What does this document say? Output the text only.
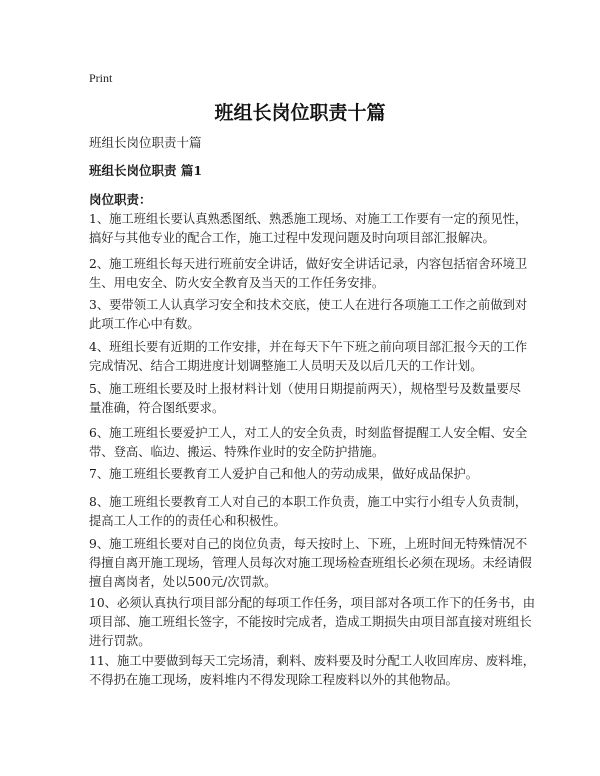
Print
班组长岗位职责十篇
班组长岗位职责十篇
班组长岗位职责 篇1
岗位职责：

1、施工班组长要认真熟悉图纸、熟悉施工现场、对施工工作要有一定的预见性，
搞好与其他专业的配合工作，施工过程中发现问题及时向项目部汇报解决。

2、施工班组长每天进行班前安全讲话，做好安全讲话记录，内容包括宿舍环境卫
生、用电安全、防火安全教育及当天的工作任务安排。

3、要带领工人认真学习安全和技术交底，使工人在进行各项施工工作之前做到对
此项工作心中有数。

4、班组长要有近期的工作安排，并在每天下午下班之前向项目部汇报今天的工作
完成情况、结合工期进度计划调整施工人员明天及以后几天的工作计划。

5、施工班组长要及时上报材料计划（使用日期提前两天），规格型号及数量要尽
量准确，符合图纸要求。

6、施工班组长要爱护工人，对工人的安全负责，时刻监督提醒工人安全帽、安全
带、登高、临边、搬运、特殊作业时的安全防护措施。

7、施工班组长要教育工人爱护自己和他人的劳动成果，做好成品保护。

8、施工班组长要教育工人对自己的本职工作负责，施工中实行小组专人负责制，
提高工人工作的的责任心和积极性。

9、施工班组长要对自己的岗位负责，每天按时上、下班，上班时间无特殊情况不
得擅自离开施工现场，管理人员每次对施工现场检查班组长必须在现场。未经请假
擅自离岗者，处以500元/次罚款。

10、必须认真执行项目部分配的每项工作任务，项目部对各项工作下的任务书，由
项目部、施工班组长签字，不能按时完成者，造成工期损失由项目部直接对班组长
进行罚款。

11、施工中要做到每天工完场清，剩料、废料要及时分配工人收回库房、废料堆，
不得扔在施工现场，废料堆内不得发现除工程废料以外的其他物品。
